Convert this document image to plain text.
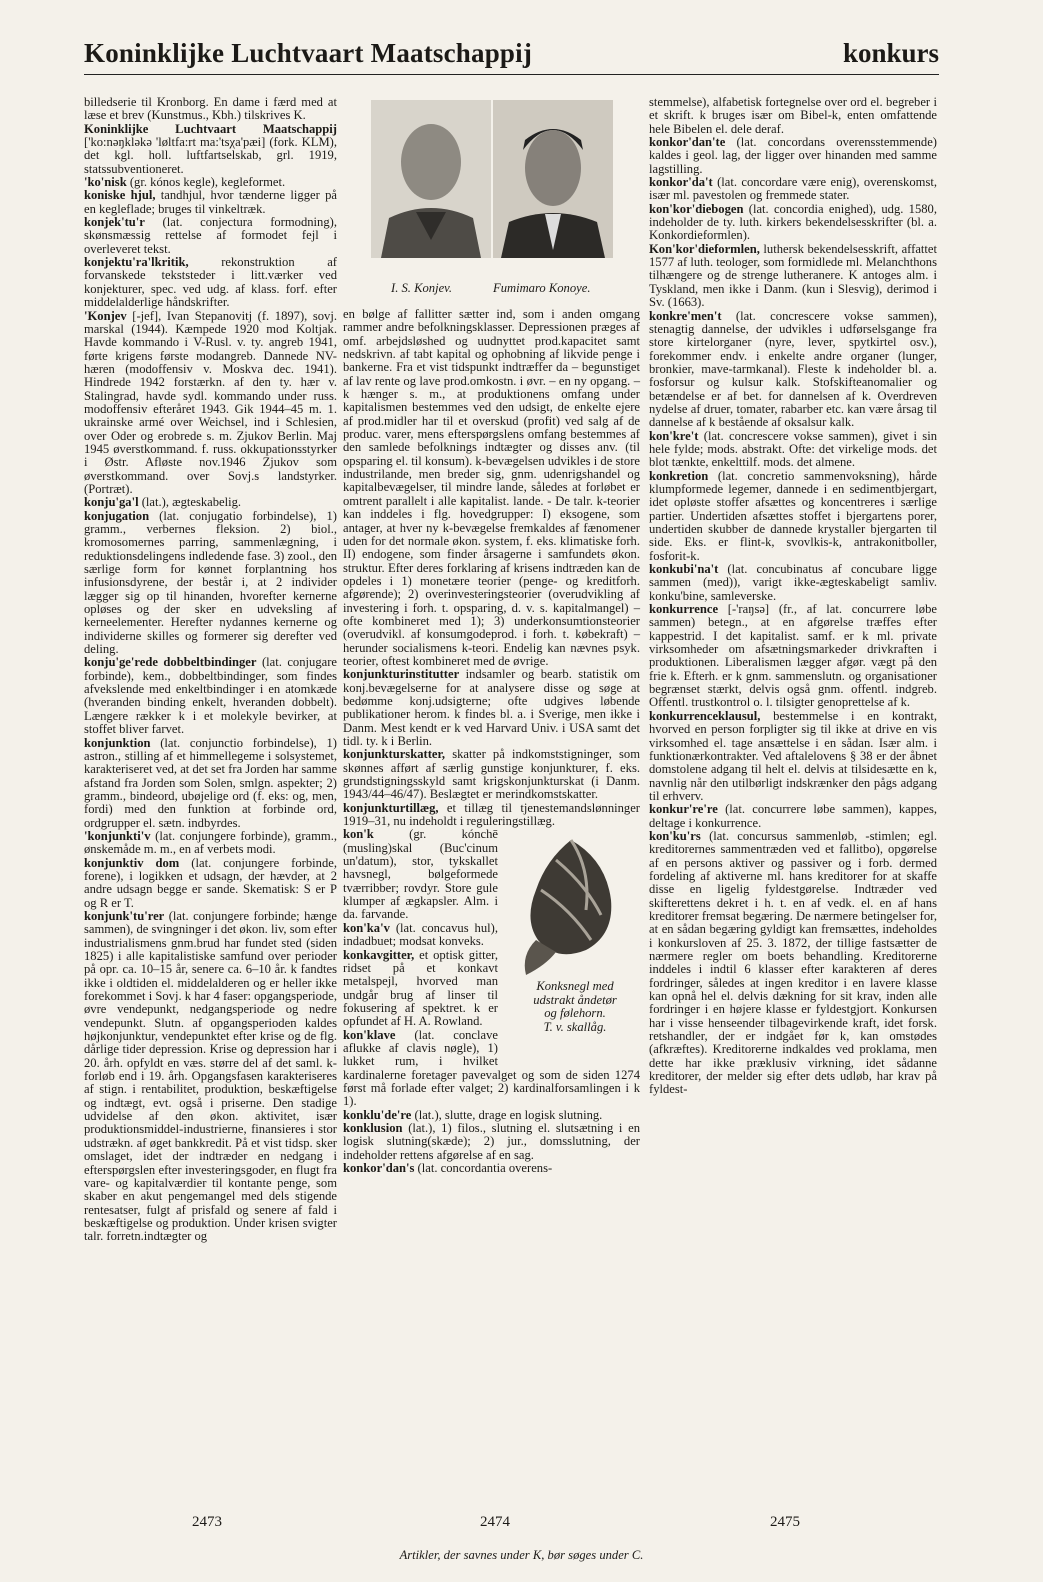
Koninklijke Luchtvaart Maatschappij	konkurs

billedserie til Kronborg. En dame i færd med at læse et brev (Kunstmus., Kbh.) tilskrives K.

Koninklijke Luchtvaart Maatschappij ['ko:nəŋkləkə 'løltfa:rt ma:'tsχa'pæi] (fork. KLM), det kgl. holl. luftfartselskab, grl. 1919, statssubventioneret.

'ko'nisk (gr. kónos kegle), kegleformet.

koniske hjul, tandhjul, hvor tænderne ligger på en kegleflade; bruges til vinkeltræk.

konjek'tu'r (lat. conjectura formodning), skønsmæssig rettelse af formodet fejl i overleveret tekst.

konjektu'ra'lkritik, rekonstruktion af forvanskede tekststeder i litt.værker ved konjekturer, spec. ved udg. af klass. forf. efter middelalderlige håndskrifter.

'Konjev [-jef], Ivan Stepanovitj (f. 1897), sovj. marskal (1944). Kæmpede 1920 mod Koltjak. Havde kommando i V-Rusl. v. ty. angreb 1941, førte krigens første modangreb. Dannede NV-hæren (modoffensiv v. Moskva dec. 1941). Hindrede 1942 forstærkn. af den ty. hær v. Stalingrad, havde sydl. kommando under russ. modoffensiv efteråret 1943. Gik 1944–45 m. 1. ukrainske armé over Weichsel, ind i Schlesien, over Oder og erobrede s. m. Zjukov Berlin. Maj 1945 øverstkommand. f. russ. okkupationsstyrker i Østr. Afløste nov.1946 Zjukov som øverstkommand. over Sovj.s landstyrker. (Portræt).

konju'ga'l (lat.), ægteskabelig.

konjugation (lat. conjugatio forbindelse), 1) gramm., verbernes fleksion. 2) biol., kromosomernes parring, sammenlægning, i reduktionsdelingens indledende fase. 3) zool., den særlige form for kønnet forplantning hos infusionsdyrene, der består i, at 2 individer lægger sig op til hinanden, hvorefter kernerne opløses og der sker en udveksling af kerneelementer. Herefter nydannes kernerne og individerne skilles og formerer sig derefter ved deling.

konju'ge'rede dobbeltbindinger (lat. conjugare forbinde), kem., dobbeltbindinger, som findes afvekslende med enkeltbindinger i en atomkæde (hveranden binding enkelt, hveranden dobbelt). Længere rækker k i et molekyle bevirker, at stoffet bliver farvet.

konjunktion (lat. conjunctio forbindelse), 1) astron., stilling af et himmellegeme i solsystemet, karakteriseret ved, at det set fra Jorden har samme afstand fra Jorden som Solen, smlgn. aspekter; 2) gramm., bindeord, ubøjelige ord (f. eks: og, men, fordi) med den funktion at forbinde ord, ordgrupper el. sætn. indbyrdes.

'konjunkti'v (lat. conjungere forbinde), gramm., ønskemåde m. m., en af verbets modi.

konjunktiv dom (lat. conjungere forbinde, forene), i logikken et udsagn, der hævder, at 2 andre udsagn begge er sande. Skematisk: S er P og R er T.

konjunk'tu'rer (lat. conjungere forbinde; hænge sammen), de svingninger i det økon. liv, som efter industrialismens gnm.brud har fundet sted (siden 1825) i alle kapitalistiske samfund over perioder på opr. ca. 10–15 år, senere ca. 6–10 år. k fandtes ikke i oldtiden el. middelalderen og er heller ikke forekommet i Sovj. k har 4 faser: opgangsperiode, øvre vendepunkt, nedgangsperiode og nedre vendepunkt. Slutn. af opgangsperioden kaldes højkonjunktur, vendepunktet efter krise og de flg. dårlige tider depression. Krise og depression har i 20. årh. opfyldt en væs. større del af det saml. k-forløb end i 19. årh. Opgangsfasen karakteriseres af stign. i rentabilitet, produktion, beskæftigelse og indtægt, evt. også i priserne. Den stadige udvidelse af den økon. aktivitet, især produktionsmiddel-industrierne, finansieres i stor udstrækn. af øget bankkredit. På et vist tidsp. sker omslaget, idet der indtræder en nedgang i efterspørgslen efter investeringsgoder, en flugt fra vare- og kapitalværdier til kontante penge, som skaber en akut pengemangel med dels stigende rentesatser, fulgt af prisfald og senere af fald i beskæftigelse og produktion. Under krisen svigter talr. forretn.indtægter og

I. S. Konjev.	Fumimaro Konoye.

en bølge af fallitter sætter ind, som i anden omgang rammer andre befolkningsklasser. Depressionen præges af omf. arbejdsløshed og uudnyttet prod.kapacitet samt nedskrivn. af tabt kapital og ophobning af likvide penge i bankerne. Fra et vist tidspunkt indtræffer da – begunstiget af lav rente og lave prod.omkostn. i øvr. – en ny opgang. – k hænger s. m., at produktionens omfang under kapitalismen bestemmes ved den udsigt, de enkelte ejere af prod.midler har til et overskud (profit) ved salg af de produc. varer, mens efterspørgslens omfang bestemmes af den samlede befolknings indtægter og disses anv. (til opsparing el. til konsum). k-bevægelsen udvikles i de store industrilande, men breder sig, gnm. udenrigshandel og kapitalbevægelser, til mindre lande, således at forløbet er omtrent parallelt i alle kapitalist. lande. - De talr. k-teorier kan inddeles i flg. hovedgrupper: I) eksogene, som antager, at hver ny k-bevægelse fremkaldes af fænomener uden for det normale økon. system, f. eks. klimatiske forh. II) endogene, som finder årsagerne i samfundets økon. struktur. Efter deres forklaring af krisens indtræden kan de opdeles i 1) monetære teorier (penge- og kreditforh. afgørende); 2) overinvesteringsteorier (overudvikling af investering i forh. t. opsparing, d. v. s. kapitalmangel) – ofte kombineret med 1); 3) underkonsumtionsteorier (overudvikl. af konsumgodeprod. i forh. t. købekraft) – herunder socialismens k-teori. Endelig kan nævnes psyk. teorier, oftest kombineret med de øvrige.

konjunkturinstitutter indsamler og bearb. statistik om konj.bevægelserne for at analysere disse og søge at bedømme konj.udsigterne; ofte udgives løbende publikationer herom. k findes bl. a. i Sverige, men ikke i Danm. Mest kendt er k ved Harvard Univ. i USA samt det tidl. ty. k i Berlin.

konjunkturskatter, skatter på indkomststigninger, som skønnes afført af særlig gunstige konjunkturer, f. eks. grundstigningsskyld samt krigskonjunkturskat (i Danm. 1943/44–46/47). Beslægtet er merindkomstskatter.

konjunkturtillæg, et tillæg til tjenestemandslønninger 1919–31, nu indeholdt i reguleringstillæg.

Konksnegl med
udstrakt åndetør
og følehorn.
T. v. skallåg.

kon'k (gr. kónchē (musling)skal (Buc'cinum un'datum), stor, tykskallet havsnegl, bølgeformede tværribber; rovdyr. Store gule klumper af ægkapsler. Alm. i da. farvande.

kon'ka'v (lat. concavus hul), indadbuet; modsat konveks.

konkavgitter, et optisk gitter, ridset på et konkavt metalspejl, hvorved man undgår brug af linser til fokusering af spektret. k er opfundet af H. A. Rowland.

kon'klave (lat. conclave aflukke af clavis nøgle), 1) lukket rum, i hvilket kardinalerne foretager pavevalget og som de siden 1274 først må forlade efter valget; 2) kardinalforsamlingen i k 1).

konklu'de're (lat.), slutte, drage en logisk slutning.

konklusion (lat.), 1) filos., slutning el. slutsætning i en logisk slutning(skæde); 2) jur., domsslutning, der indeholder rettens afgørelse af en sag.

konkor'dan's (lat. concordantia overens-

stemmelse), alfabetisk fortegnelse over ord el. begreber i et skrift. k bruges især om Bibel-k, enten omfattende hele Bibelen el. dele deraf.

konkor'dan'te (lat. concordans overensstemmende) kaldes i geol. lag, der ligger over hinanden med samme lagstilling.

konkor'da't (lat. concordare være enig), overenskomst, især ml. pavestolen og fremmede stater.

kon'kor'diebogen (lat. concordia enighed), udg. 1580, indeholder de ty. luth. kirkers bekendelsesskrifter (bl. a. Konkordieformlen).

Kon'kor'dieformlen, luthersk bekendelsesskrift, affattet 1577 af luth. teologer, som formidlede ml. Melanchthons tilhængere og de strenge lutheranere. K antoges alm. i Tyskland, men ikke i Danm. (kun i Slesvig), derimod i Sv. (1663).

konkre'men't (lat. concrescere vokse sammen), stenagtig dannelse, der udvikles i udførselsgange fra store kirtelorganer (nyre, lever, spytkirtel osv.), forekommer endv. i enkelte andre organer (lunger, bronkier, mave-tarmkanal). Fleste k indeholder bl. a. fosforsur og kulsur kalk. Stofskifteanomalier og betændelse er af bet. for dannelsen af k. Overdreven nydelse af druer, tomater, rabarber etc. kan være årsag til dannelse af k bestående af oksalsur kalk.

kon'kre't (lat. concrescere vokse sammen), givet i sin hele fylde; mods. abstrakt. Ofte: det virkelige mods. det blot tænkte, enkelttilf. mods. det almene.

konkretion (lat. concretio sammenvoksning), hårde klumpformede legemer, dannede i en sedimentbjergart, idet opløste stoffer afsættes og koncentreres i særlige partier. Undertiden afsættes stoffet i bjergartens porer, undertiden skubber de dannede krystaller bjergarten til side. Eks. er flint-k, svovlkis-k, antrakonitboller, fosforit-k.

konkubi'na't (lat. concubinatus af concubare ligge sammen (med)), varigt ikke-ægteskabeligt samliv. konku'bine, samleverske.

konkurrence [-'raŋsə] (fr., af lat. concurrere løbe sammen) betegn., at en afgørelse træffes efter kappestrid. I det kapitalist. samf. er k ml. private virksomheder om afsætningsmarkeder drivkraften i produktionen. Liberalismen lægger afgør. vægt på den frie k. Efterh. er k gnm. sammenslutn. og organisationer begrænset stærkt, delvis også gnm. offentl. indgreb. Offentl. trustkontrol o. l. tilsigter genoprettelse af k.

konkurrenceklausul, bestemmelse i en kontrakt, hvorved en person forpligter sig til ikke at drive en vis virksomhed el. tage ansættelse i en sådan. Især alm. i funktionærkontrakter. Ved aftalelovens § 38 er der åbnet domstolene adgang til helt el. delvis at tilsidesætte en k, navnlig når den utilbørligt indskrænker den pågs adgang til erhverv.

konkur're're (lat. concurrere løbe sammen), kappes, deltage i konkurrence.

kon'ku'rs (lat. concursus sammenløb, -stimlen; egl. kreditorernes sammentræden ved et fallitbo), opgørelse af en persons aktiver og passiver og i forb. dermed fordeling af aktiverne ml. hans kreditorer for at skaffe disse en ligelig fyldestgørelse. Indtræder ved skifterettens dekret i h. t. en af vedk. el. en af hans kreditorer fremsat begæring. De nærmere betingelser for, at en sådan begæring gyldigt kan fremsættes, indeholdes i konkursloven af 25. 3. 1872, der tillige fastsætter de nærmere regler om boets behandling. Kreditorerne inddeles i indtil 6 klasser efter karakteren af deres fordringer, således at ingen kreditor i en lavere klasse kan opnå hel el. delvis dækning for sit krav, inden alle fordringer i en højere klasse er fyldestgjort. Konkursen har i visse henseender tilbagevirkende kraft, idet forsk. retshandler, der er indgået før k, kan omstødes (afkræftes). Kreditorerne indkaldes ved proklama, men dette har ikke præklusiv virkning, idet sådanne kreditorer, der melder sig efter dets udløb, har krav på fyldest-

2473	2474	2475
Artikler, der savnes under K, bør søges under C.
